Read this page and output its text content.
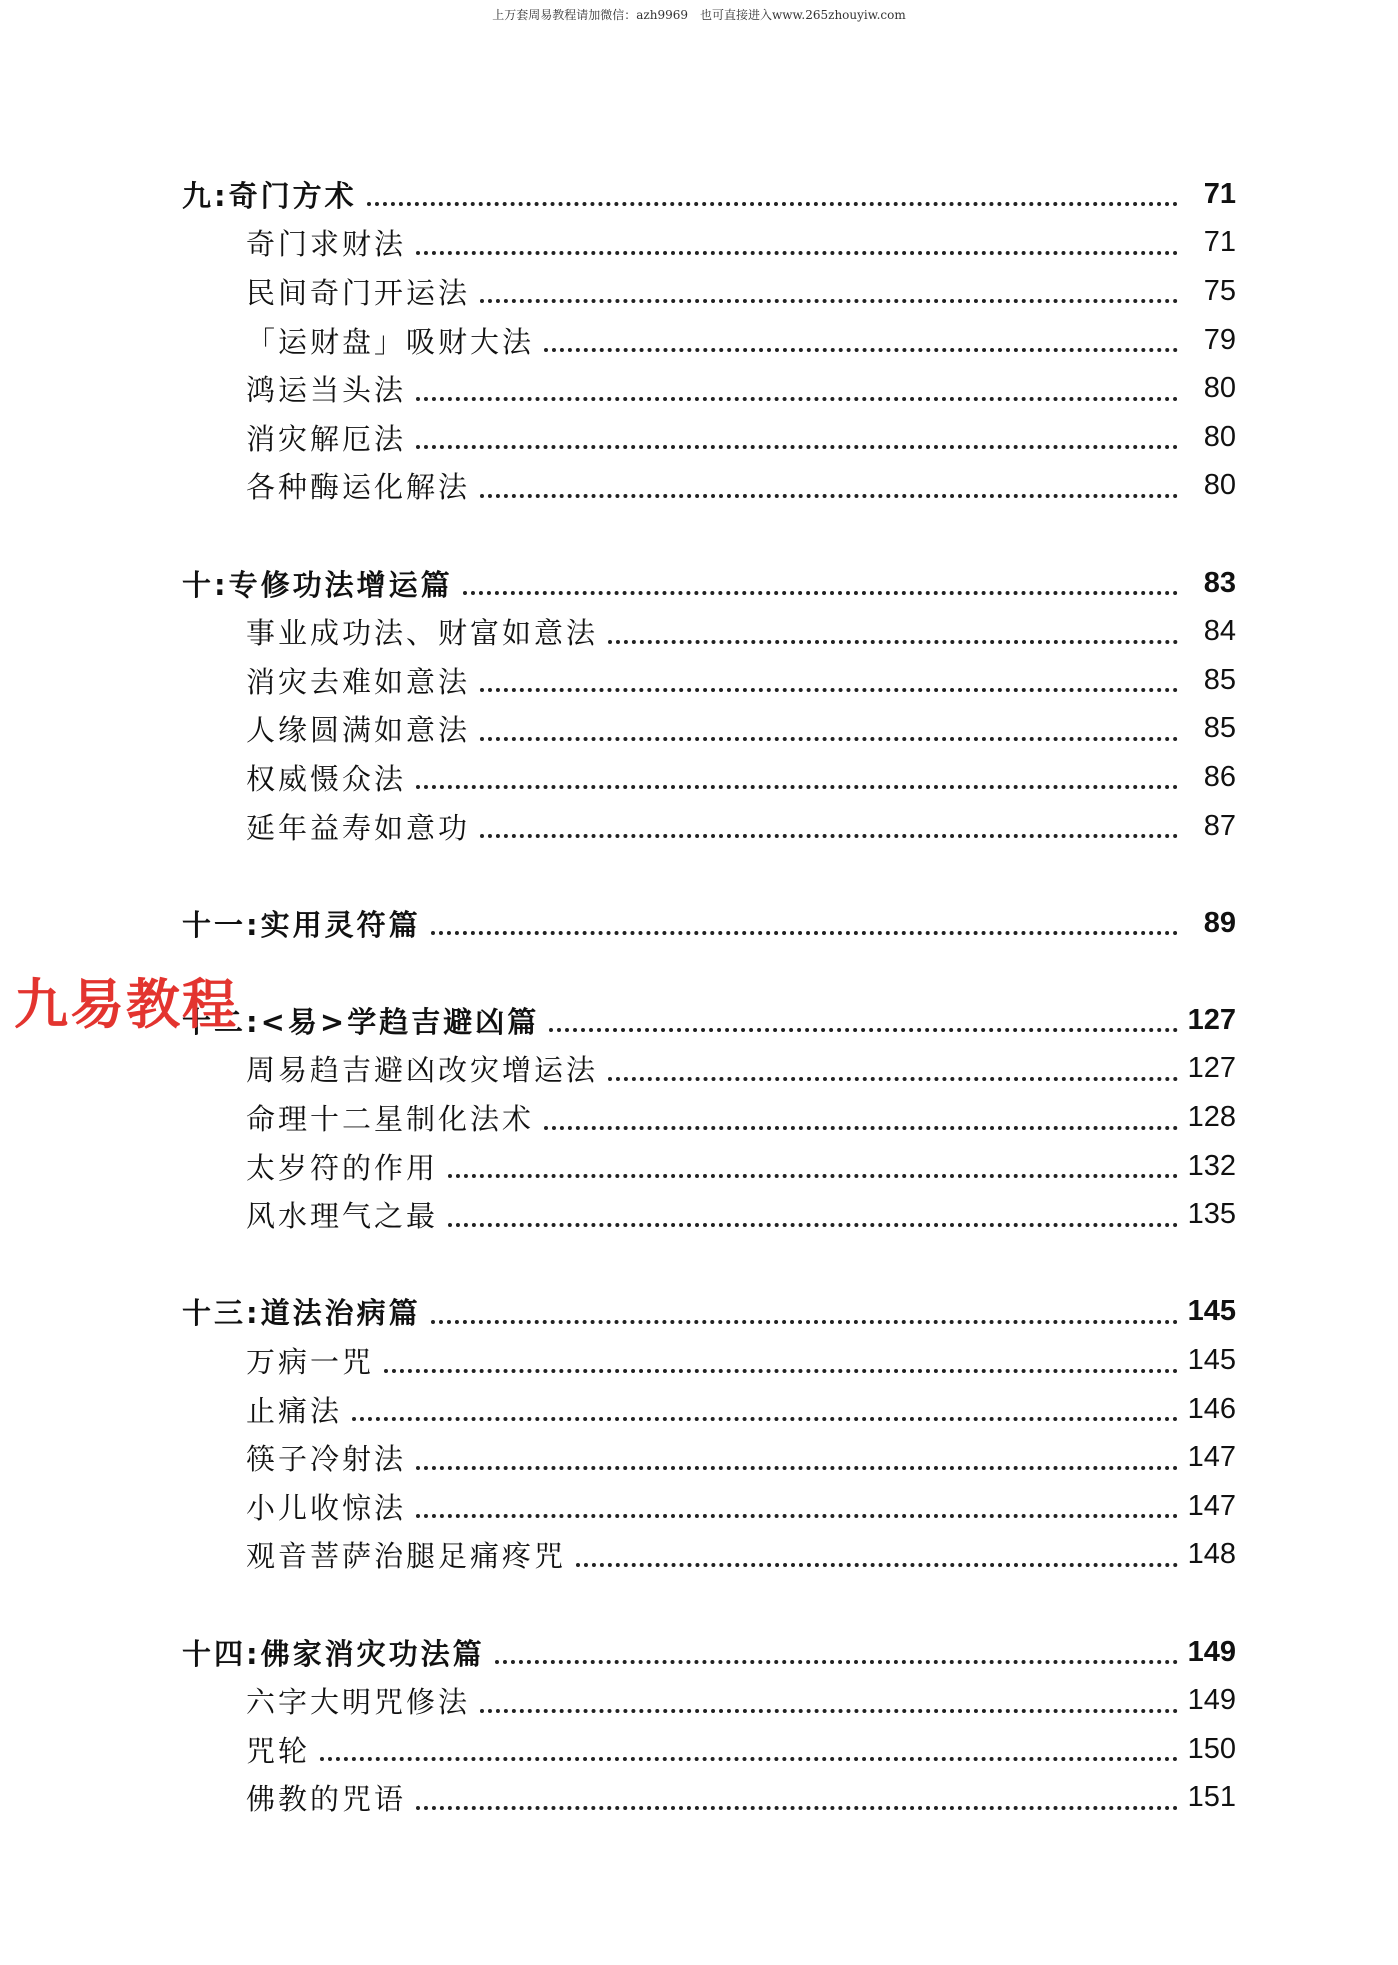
上万套周易教程请加微信：azh9969　也可直接进入www.265zhouyiw.com
九易教程
九:奇门方术	71
奇门求财法	71
民间奇门开运法	75
「运财盘」吸财大法	79
鸿运当头法	80
消灾解厄法	80
各种酶运化解法	80
十:专修功法增运篇	83
事业成功法、财富如意法	84
消灾去难如意法	85
人缘圆满如意法	85
权威慑众法	86
延年益寿如意功	87
十一:实用灵符篇	89
十二:<易>学趋吉避凶篇	127
周易趋吉避凶改灾增运法	127
命理十二星制化法术	128
太岁符的作用	132
风水理气之最	135
十三:道法治病篇	145
万病一咒	145
止痛法	146
筷子冷射法	147
小儿收惊法	147
观音菩萨治腿足痛疼咒	148
十四:佛家消灾功法篇	149
六字大明咒修法	149
咒轮	150
佛教的咒语	151
